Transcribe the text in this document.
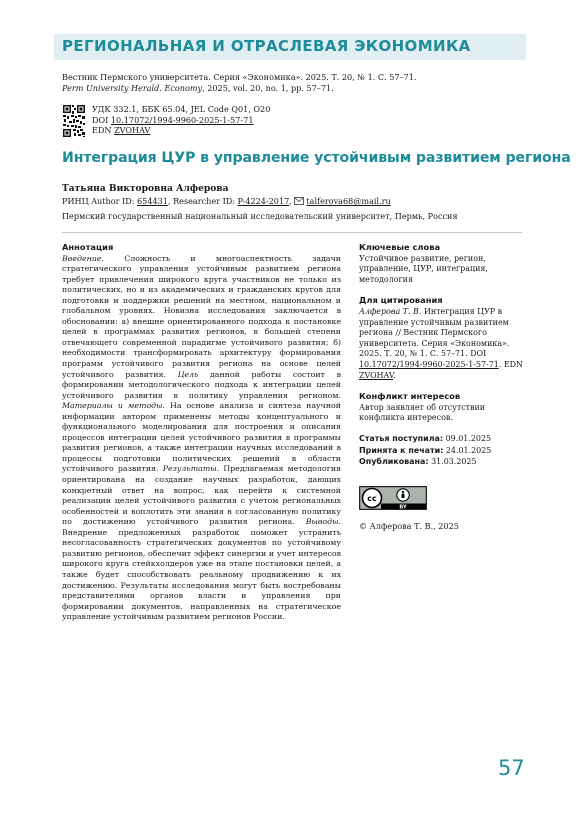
РЕГИОНАЛЬНАЯ И ОТРАСЛЕВАЯ ЭКОНОМИКА
Вестник Пермского университета. Серия «Экономика». 2025. Т. 20, № 1. С. 57–71.
Perm University Herald. Economy, 2025, vol. 20, no. 1, pp. 57–71.
УДК 332.1, ББК 65.04, JEL Code Q01, O20
DOI 10.17072/1994-9960-2025-1-57-71
EDN ZVOHAV
Интеграция ЦУР в управление устойчивым развитием региона
Татьяна Викторовна Алферова
РИНЦ Author ID: 654431, Researcher ID: P-4224-2017, talferova68@mail.ru
Пермский государственный национальный исследовательский университет, Пермь, Россия
Аннотация

Введение. Сложность и многоаспектность задачи стратегического управления устойчивым развитием региона требует привлечения широкого круга участников не только из политических, но и из академических и гражданских кругов для подготовки и поддержки решений на местном, национальном и глобальном уровнях. Новизна исследования заключается в обосновании: а) внешне ориентированного подхода к постановке целей в программах развития регионов, в большей степени отвечающего современной парадигме устойчивого развития; б) необходимости трансформировать архитектуру формирования программ устойчивого развития региона на основе целей устойчивого развития. Цель данной работы состоит в формировании методологического подхода к интеграции целей устойчивого развития в политику управления регионом. Материалы и методы. На основе анализа и синтеза научной информации автором применены методы концептуального и функционального моделирования для построения и описания процессов интеграции целей устойчивого развития в программы развития регионов, а также интеграции научных исследований в процессы подготовки политических решений в области устойчивого развития. Результаты. Предлагаемая методология ориентирована на создание научных разработок, дающих конкретный ответ на вопрос, как перейти к системной реализации целей устойчивого развития с учетом региональных особенностей и воплотить эти знания в согласованную политику по достижению устойчивого развития региона. Выводы. Внедрение предложенных разработок поможет устранить несогласованность стратегических документов по устойчивому развитию регионов, обеспечит эффект синергии и учет интересов широкого круга стейкхолдеров уже на этапе постановки целей, а также будет способствовать реальному продвижению к их достижению. Результаты исследования могут быть востребованы представителями органов власти и управления при формировании документов, направленных на стратегическое управление устойчивым развитием регионов России.

Ключевые слова
Устойчивое развитие, регион, управление, ЦУР, интеграция, методология
Для цитирования
Алферова Т. В. Интеграция ЦУР в управление устойчивым развитием региона // Вестник Пермского университета. Серия «Экономика». 2025. Т. 20, № 1. С. 57–71. DOI 10.17072/1994-9960-2025-1-57-71. EDN ZVOHAV.
Конфликт интересов
Автор заявляет об отсутствии конфликта интересов.
Статья поступила: 09.01.2025
Принята к печати: 24.01.2025
Опубликована: 31.03.2025
cc
BY
© Алферова Т. В., 2025
57
